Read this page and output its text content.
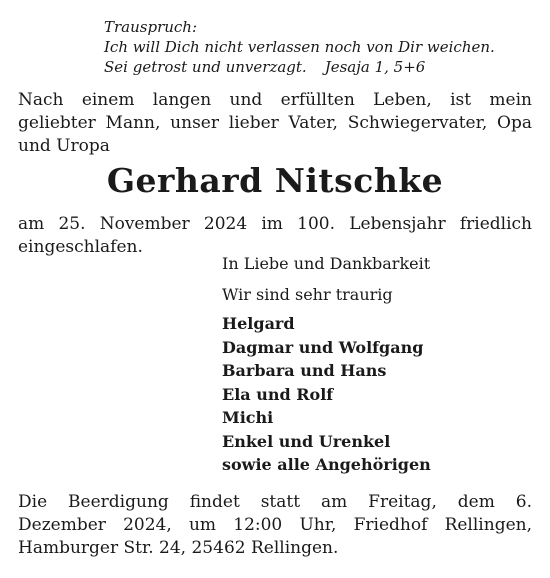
Trauspruch:
Ich will Dich nicht verlassen noch von Dir weichen.
Sei getrost und unverzagt. Jesaja 1, 5+6
Nach einem langen und erfüllten Leben, ist mein
geliebter Mann, unser lieber Vater, Schwiegervater, Opa
und Uropa
Gerhard Nitschke
am 25. November 2024 im 100. Lebensjahr friedlich
eingeschlafen.
In Liebe und Dankbarkeit
Wir sind sehr traurig
Helgard
Dagmar und Wolfgang
Barbara und Hans
Ela und Rolf
Michi
Enkel und Urenkel
sowie alle Angehörigen
Die Beerdigung findet statt am Freitag, dem 6.
Dezember 2024, um 12:00 Uhr, Friedhof Rellingen,
Hamburger Str. 24, 25462 Rellingen.
